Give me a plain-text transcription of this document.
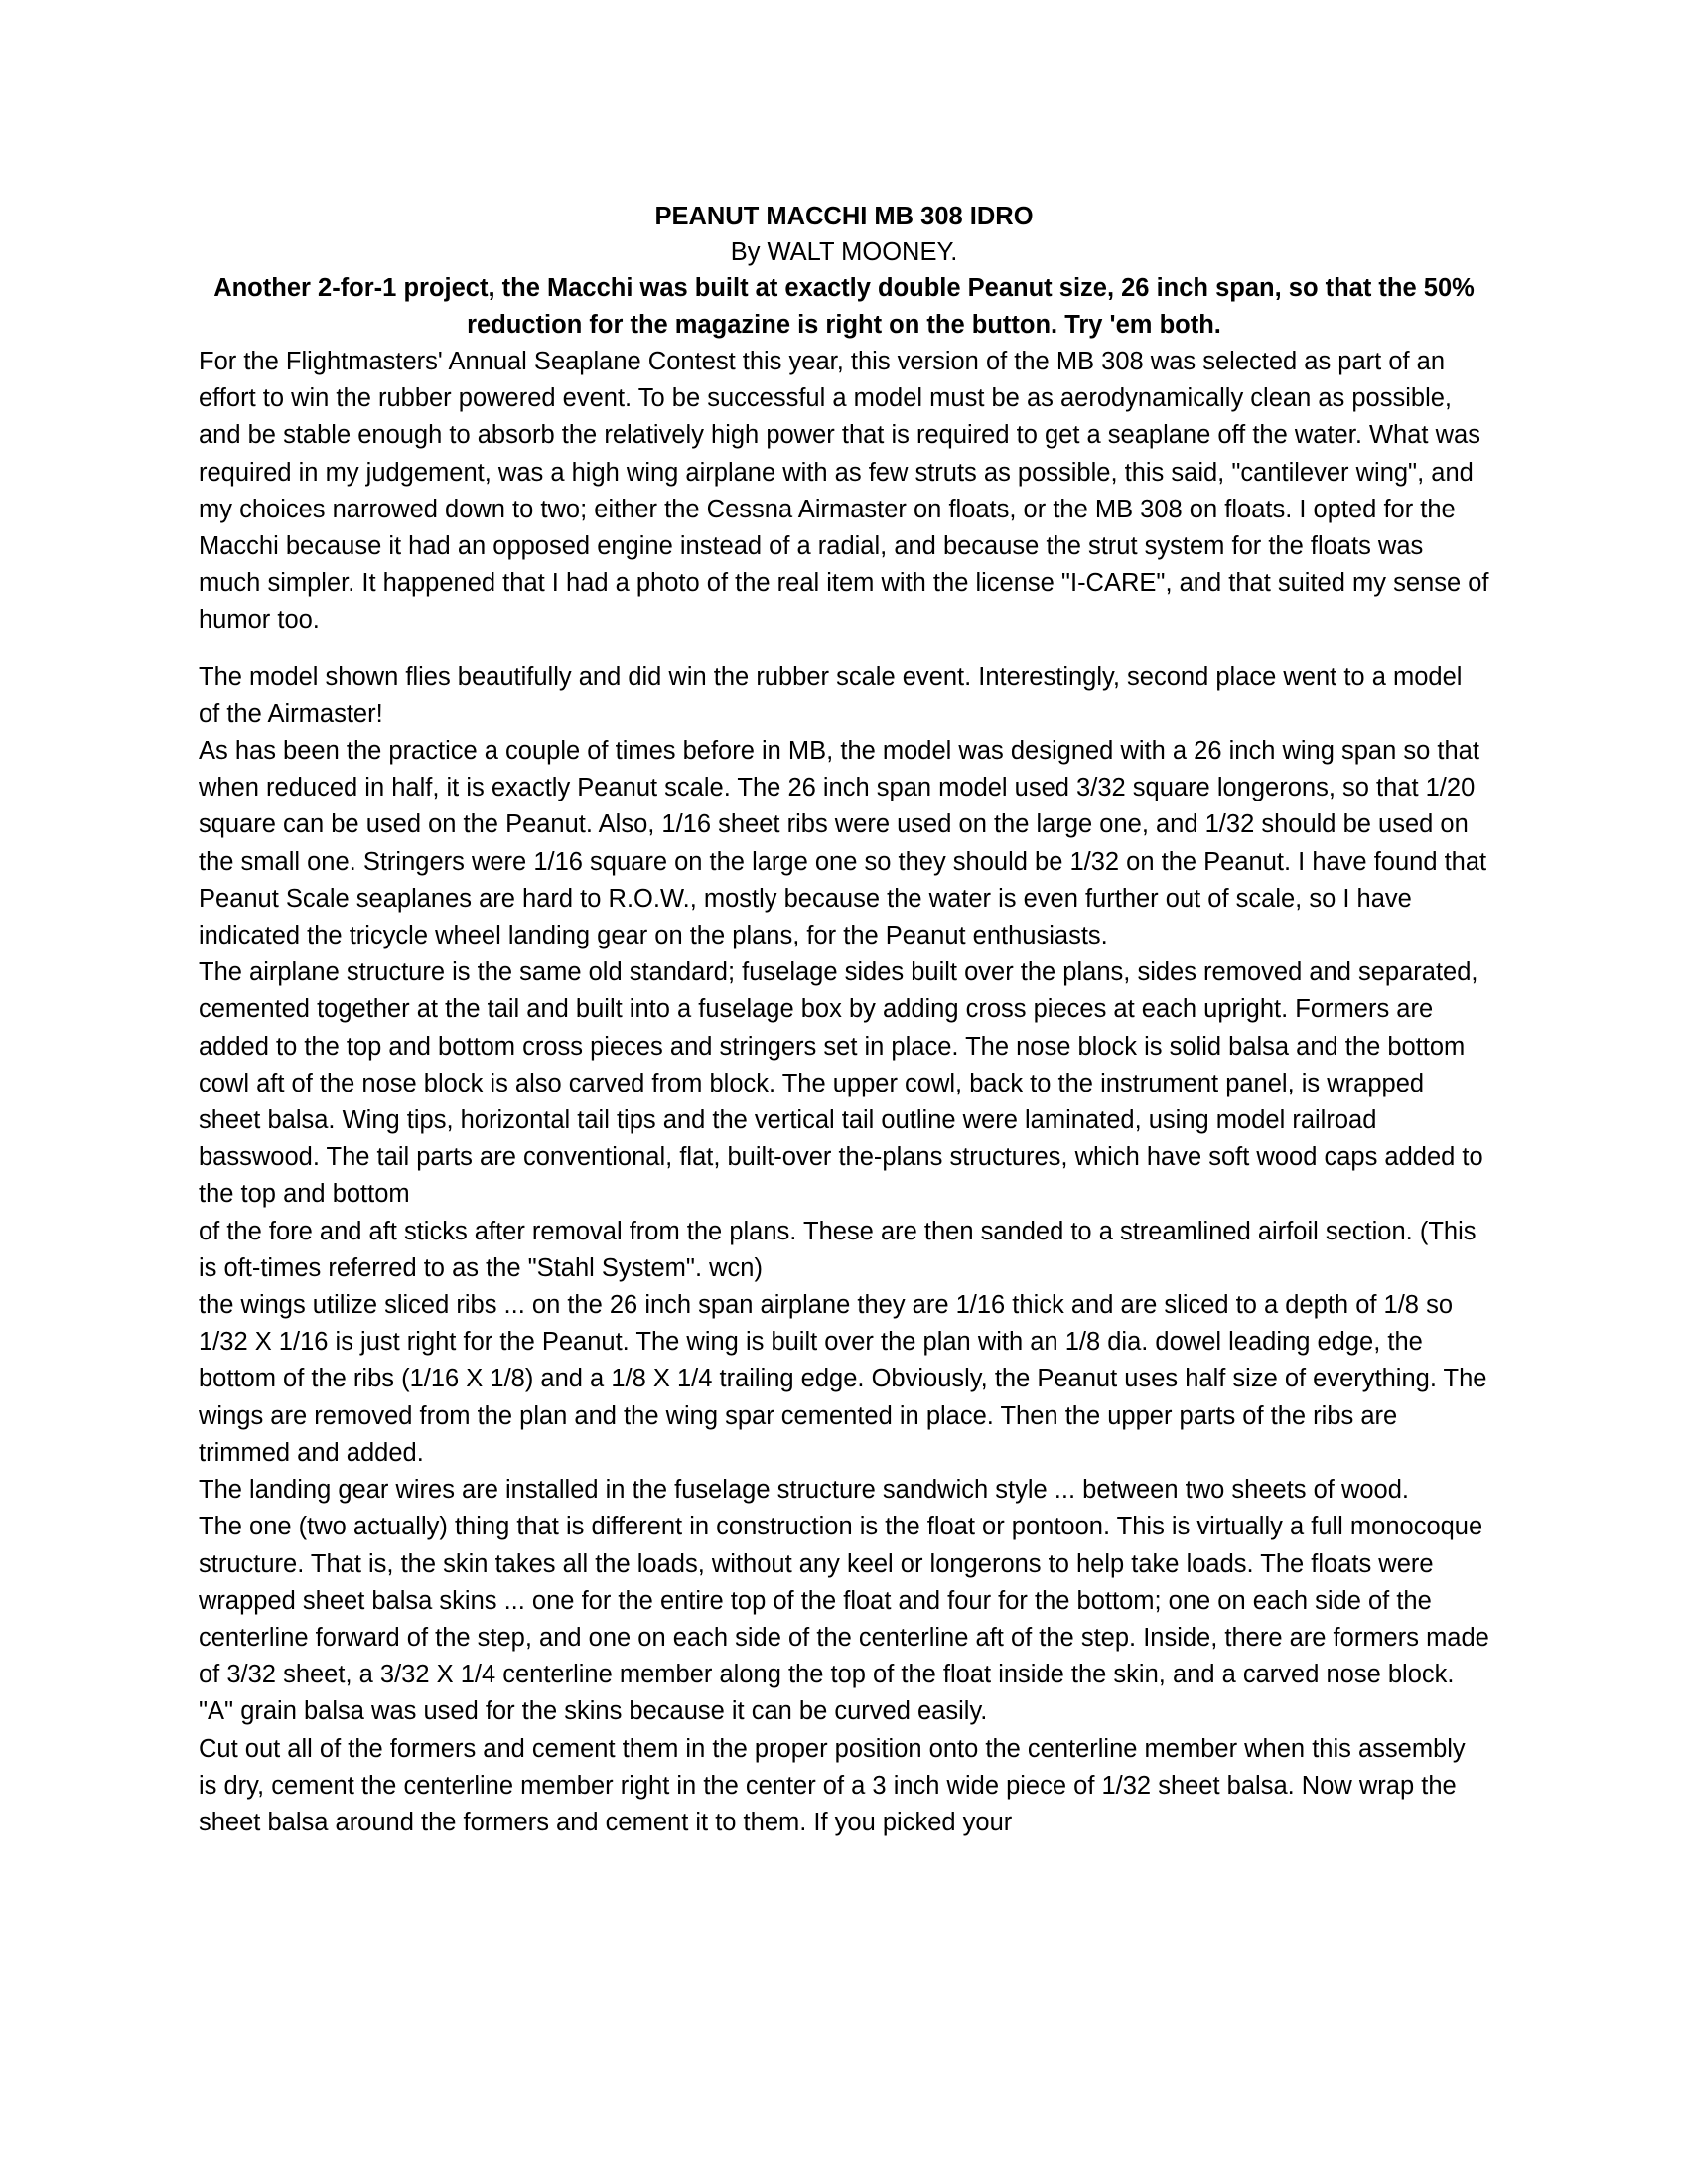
PEANUT MACCHI MB 308 IDRO
By WALT MOONEY.
Another 2-for-1 project, the Macchi was built at exactly double Peanut size, 26 inch span, so that the 50% reduction for the magazine is right on the button. Try 'em both.

For the Flightmasters' Annual Seaplane Contest this year, this version of the MB 308 was selected as part of an effort to win the rubber powered event. To be successful a model must be as aerodynamically clean as possible, and be stable enough to absorb the relatively high power that is required to get a seaplane off the water. What was required in my judgement, was a high wing airplane with as few struts as possible, this said, "cantilever wing", and my choices narrowed down to two; either the Cessna Airmaster on floats, or the MB 308 on floats. I opted for the Macchi because it had an opposed engine instead of a radial, and because the strut system for the floats was much simpler. It happened that I had a photo of the real item with the license "I-CARE", and that suited my sense of humor too.

The model shown flies beautifully and did win the rubber scale event. Interestingly, second place went to a model of the Airmaster!

As has been the practice a couple of times before in MB, the model was designed with a 26 inch wing span so that when reduced in half, it is exactly Peanut scale. The 26 inch span model used 3/32 square longerons, so that 1/20 square can be used on the Peanut. Also, 1/16 sheet ribs were used on the large one, and 1/32 should be used on the small one. Stringers were 1/16 square on the large one so they should be 1/32 on the Peanut. I have found that Peanut Scale seaplanes are hard to R.O.W., mostly because the water is even further out of scale, so I have indicated the tricycle wheel landing gear on the plans, for the Peanut enthusiasts.

The airplane structure is the same old standard; fuselage sides built over the plans, sides removed and separated, cemented together at the tail and built into a fuselage box by adding cross pieces at each upright. Formers are added to the top and bottom cross pieces and stringers set in place. The nose block is solid balsa and the bottom cowl aft of the nose block is also carved from block. The upper cowl, back to the instrument panel, is wrapped sheet balsa. Wing tips, horizontal tail tips and the vertical tail outline were laminated, using model railroad basswood. The tail parts are conventional, flat, built-over the-plans structures, which have soft wood caps added to the top and bottom

of the fore and aft sticks after removal from the plans. These are then sanded to a streamlined airfoil section. (This is oft-times referred to as the "Stahl System". wcn)

the wings utilize sliced ribs ... on the 26 inch span airplane they are 1/16 thick and are sliced to a depth of 1/8 so 1/32 X 1/16 is just right for the Peanut. The wing is built over the plan with an 1/8 dia. dowel leading edge, the bottom of the ribs (1/16 X 1/8) and a 1/8 X 1/4 trailing edge. Obviously, the Peanut uses half size of everything. The wings are removed from the plan and the wing spar cemented in place. Then the upper parts of the ribs are trimmed and added.

The landing gear wires are installed in the fuselage structure sandwich style ... between two sheets of wood.

The one (two actually) thing that is different in construction is the float or pontoon. This is virtually a full monocoque structure. That is, the skin takes all the loads, without any keel or longerons to help take loads. The floats were wrapped sheet balsa skins ... one for the entire top of the float and four for the bottom; one on each side of the centerline forward of the step, and one on each side of the centerline aft of the step. Inside, there are formers made of 3/32 sheet, a 3/32 X 1/4 centerline member along the top of the float inside the skin, and a carved nose block. "A" grain balsa was used for the skins because it can be curved easily.

Cut out all of the formers and cement them in the proper position onto the centerline member when this assembly is dry, cement the centerline member right in the center of a 3 inch wide piece of 1/32 sheet balsa. Now wrap the sheet balsa around the formers and cement it to them. If you picked your
